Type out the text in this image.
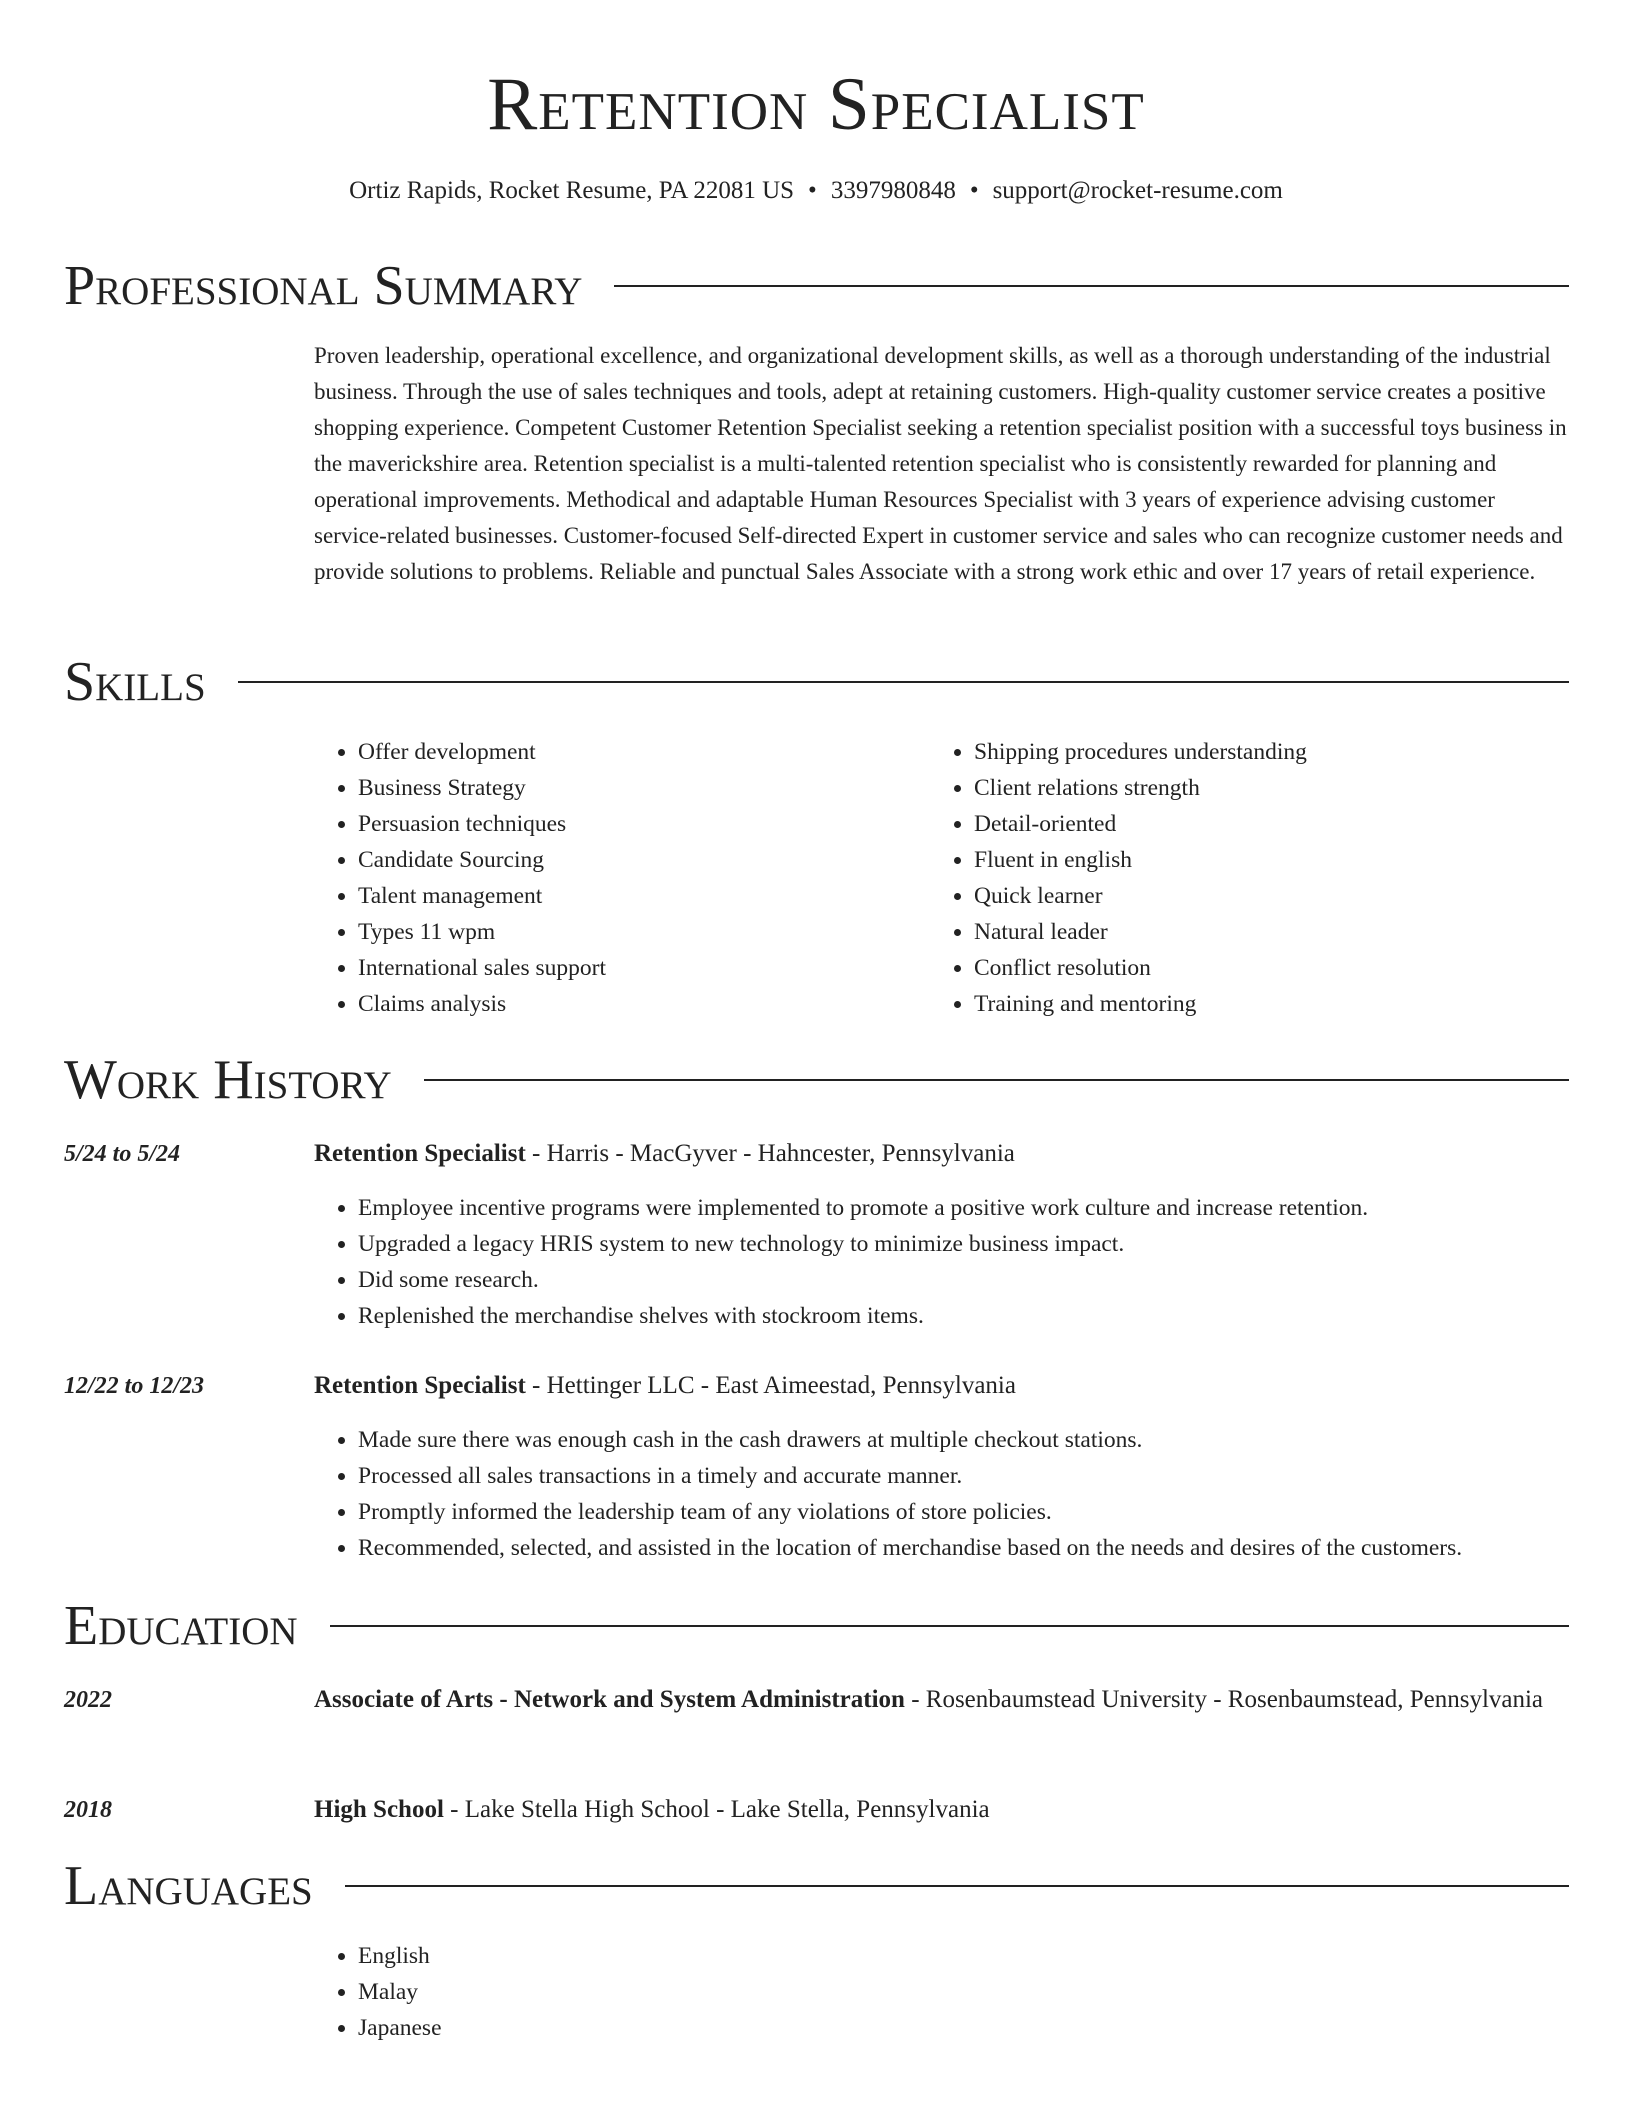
Retention Specialist
Ortiz Rapids, Rocket Resume, PA 22081 US • 3397980848 • support@rocket-resume.com
Professional Summary

Proven leadership, operational excellence, and organizational development skills, as well as a thorough understanding of the industrial business. Through the use of sales techniques and tools, adept at retaining customers. High-quality customer service creates a positive shopping experience. Competent Customer Retention Specialist seeking a retention specialist position with a successful toys business in the maverickshire area. Retention specialist is a multi-talented retention specialist who is consistently rewarded for planning and operational improvements. Methodical and adaptable Human Resources Specialist with 3 years of experience advising customer service-related businesses. Customer-focused Self-directed Expert in customer service and sales who can recognize customer needs and provide solutions to problems. Reliable and punctual Sales Associate with a strong work ethic and over 17 years of retail experience.

Skills
• Offer development
• Business Strategy
• Persuasion techniques
• Candidate Sourcing
• Talent management
• Types 11 wpm
• International sales support
• Claims analysis
• Shipping procedures understanding
• Client relations strength
• Detail-oriented
• Fluent in english
• Quick learner
• Natural leader
• Conflict resolution
• Training and mentoring
Work History
5/24 to 5/24	Retention Specialist - Harris - MacGyver - Hahncester, Pennsylvania
• Employee incentive programs were implemented to promote a positive work culture and increase retention.
• Upgraded a legacy HRIS system to new technology to minimize business impact.
• Did some research.
• Replenished the merchandise shelves with stockroom items.
12/22 to 12/23	Retention Specialist - Hettinger LLC - East Aimeestad, Pennsylvania
• Made sure there was enough cash in the cash drawers at multiple checkout stations.
• Processed all sales transactions in a timely and accurate manner.
• Promptly informed the leadership team of any violations of store policies.
• Recommended, selected, and assisted in the location of merchandise based on the needs and desires of the customers.
Education
2022	Associate of Arts - Network and System Administration - Rosenbaumstead University - Rosenbaumstead, Pennsylvania
2018	High School - Lake Stella High School - Lake Stella, Pennsylvania
Languages
• English
• Malay
• Japanese
